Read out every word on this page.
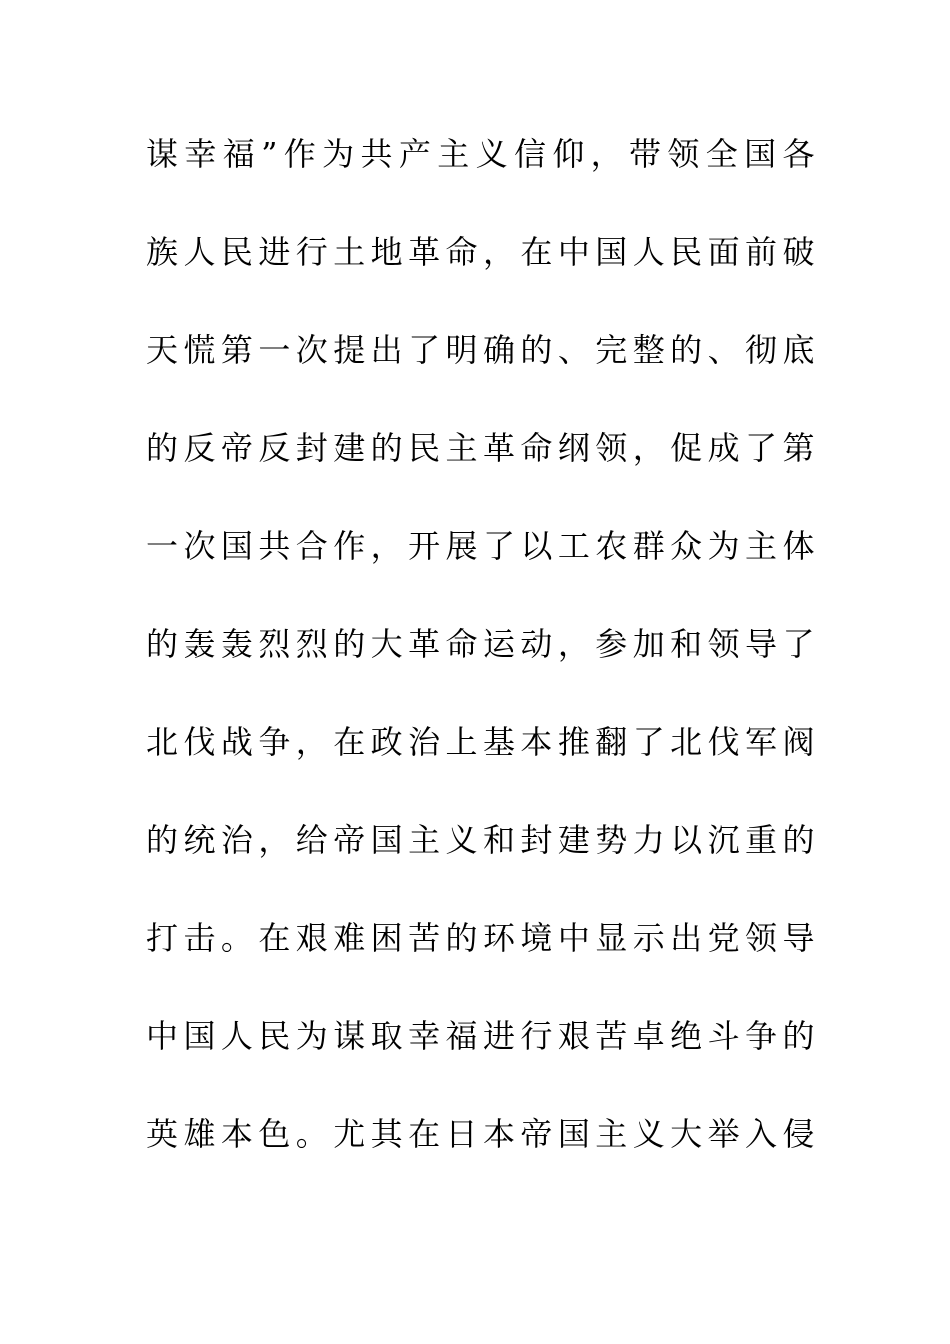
谋幸福”作为共产主义信仰，带领全国各
族人民进行土地革命，在中国人民面前破
天慌第一次提出了明确的、完整的、彻底
的反帝反封建的民主革命纲领，促成了第
一次国共合作，开展了以工农群众为主体
的轰轰烈烈的大革命运动，参加和领导了
北伐战争，在政治上基本推翻了北伐军阀
的统治，给帝国主义和封建势力以沉重的
打击。在艰难困苦的环境中显示出党领导
中国人民为谋取幸福进行艰苦卓绝斗争的
英雄本色。尤其在日本帝国主义大举入侵
